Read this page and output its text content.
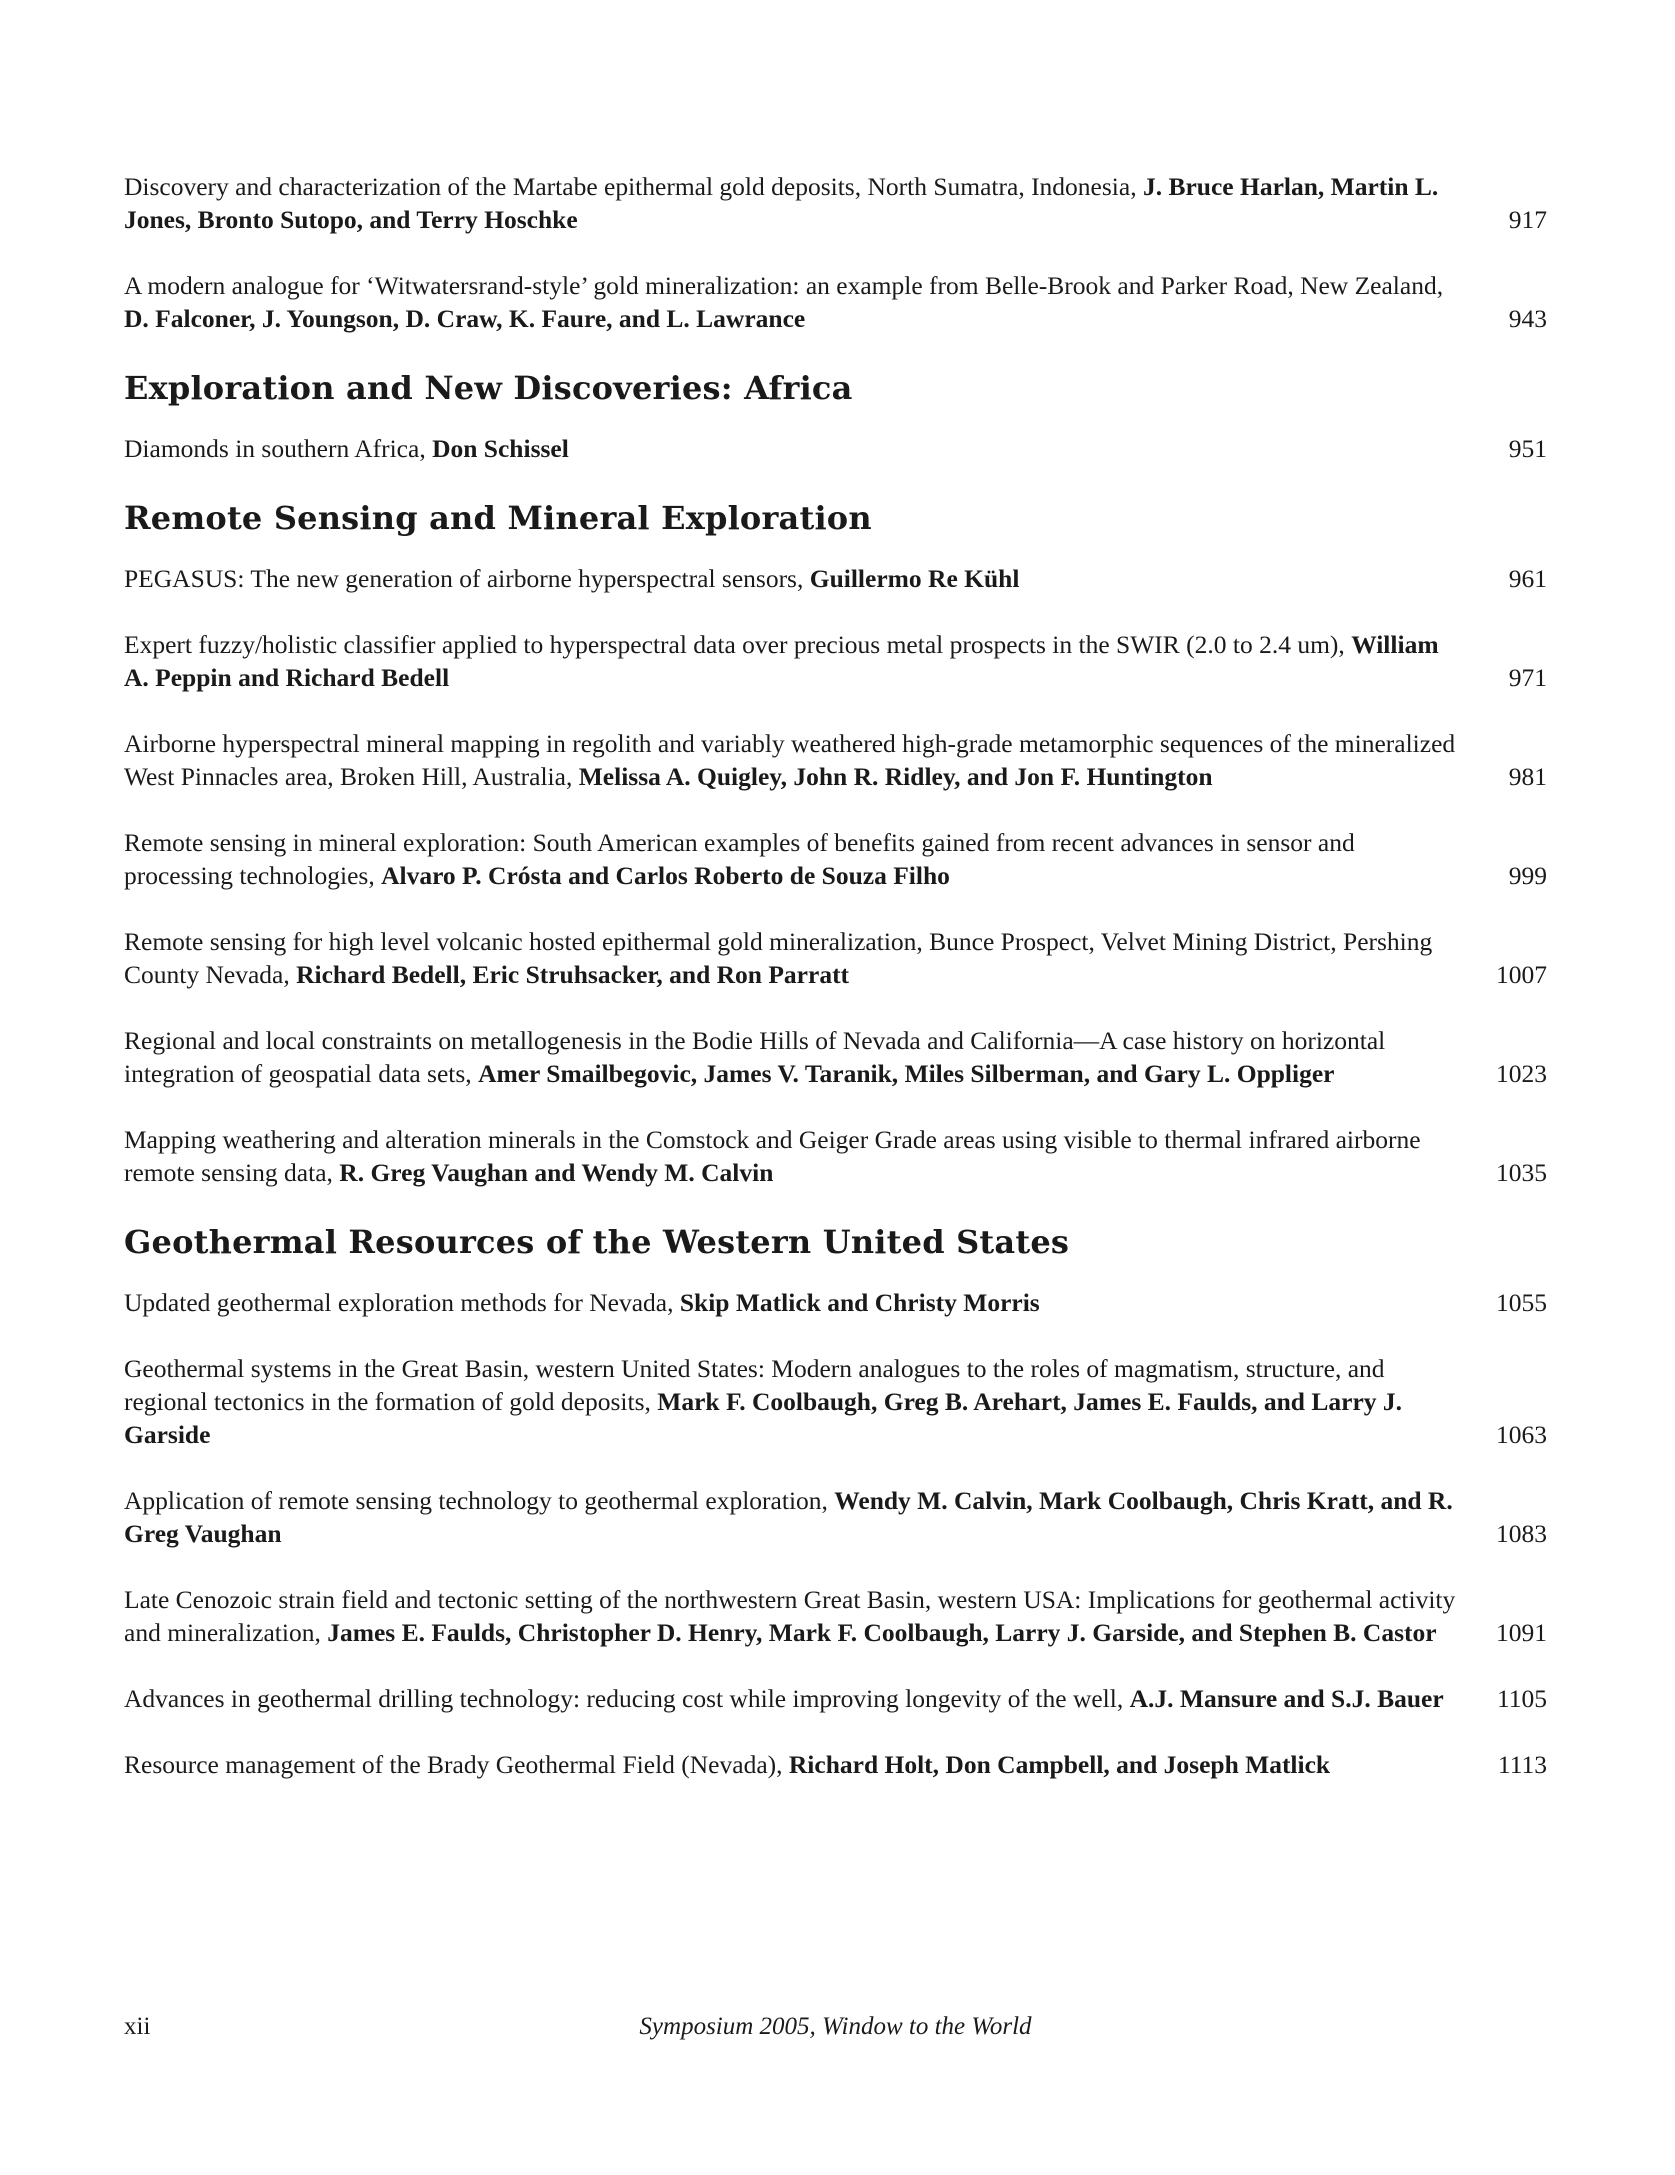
Discovery and characterization of the Martabe epithermal gold deposits, North Sumatra, Indonesia, J. Bruce Harlan, Martin L. Jones, Bronto Sutopo, and Terry Hoschke	917
A modern analogue for ‘Witwatersrand-style’ gold mineralization: an example from Belle-Brook and Parker Road, New Zealand, D. Falconer, J. Youngson, D. Craw, K. Faure, and L. Lawrance	943
Exploration and New Discoveries: Africa
Diamonds in southern Africa, Don Schissel	951
Remote Sensing and Mineral Exploration
PEGASUS: The new generation of airborne hyperspectral sensors, Guillermo Re Kühl	961
Expert fuzzy/holistic classifier applied to hyperspectral data over precious metal prospects in the SWIR (2.0 to 2.4 um), William A. Peppin and Richard Bedell	971
Airborne hyperspectral mineral mapping in regolith and variably weathered high-grade metamorphic sequences of the mineralized West Pinnacles area, Broken Hill, Australia, Melissa A. Quigley, John R. Ridley, and Jon F. Huntington	981
Remote sensing in mineral exploration: South American examples of benefits gained from recent advances in sensor and processing technologies, Alvaro P. Crósta and Carlos Roberto de Souza Filho	999
Remote sensing for high level volcanic hosted epithermal gold mineralization, Bunce Prospect, Velvet Mining District, Pershing County Nevada, Richard Bedell, Eric Struhsacker, and Ron Parratt	1007
Regional and local constraints on metallogenesis in the Bodie Hills of Nevada and California—A case history on horizontal integration of geospatial data sets, Amer Smailbegovic, James V. Taranik, Miles Silberman, and Gary L. Oppliger	1023
Mapping weathering and alteration minerals in the Comstock and Geiger Grade areas using visible to thermal infrared airborne remote sensing data, R. Greg Vaughan and Wendy M. Calvin	1035
Geothermal Resources of the Western United States
Updated geothermal exploration methods for Nevada, Skip Matlick and Christy Morris	1055
Geothermal systems in the Great Basin, western United States: Modern analogues to the roles of magmatism, structure, and regional tectonics in the formation of gold deposits, Mark F. Coolbaugh, Greg B. Arehart, James E. Faulds, and Larry J. Garside	1063
Application of remote sensing technology to geothermal exploration, Wendy M. Calvin, Mark Coolbaugh, Chris Kratt, and R. Greg Vaughan	1083
Late Cenozoic strain field and tectonic setting of the northwestern Great Basin, western USA: Implications for geothermal activity and mineralization, James E. Faulds, Christopher D. Henry, Mark F. Coolbaugh, Larry J. Garside, and Stephen B. Castor	1091
Advances in geothermal drilling technology: reducing cost while improving longevity of the well, A.J. Mansure and S.J. Bauer	1105
Resource management of the Brady Geothermal Field (Nevada), Richard Holt, Don Campbell, and Joseph Matlick	1113
xii	Symposium 2005, Window to the World
